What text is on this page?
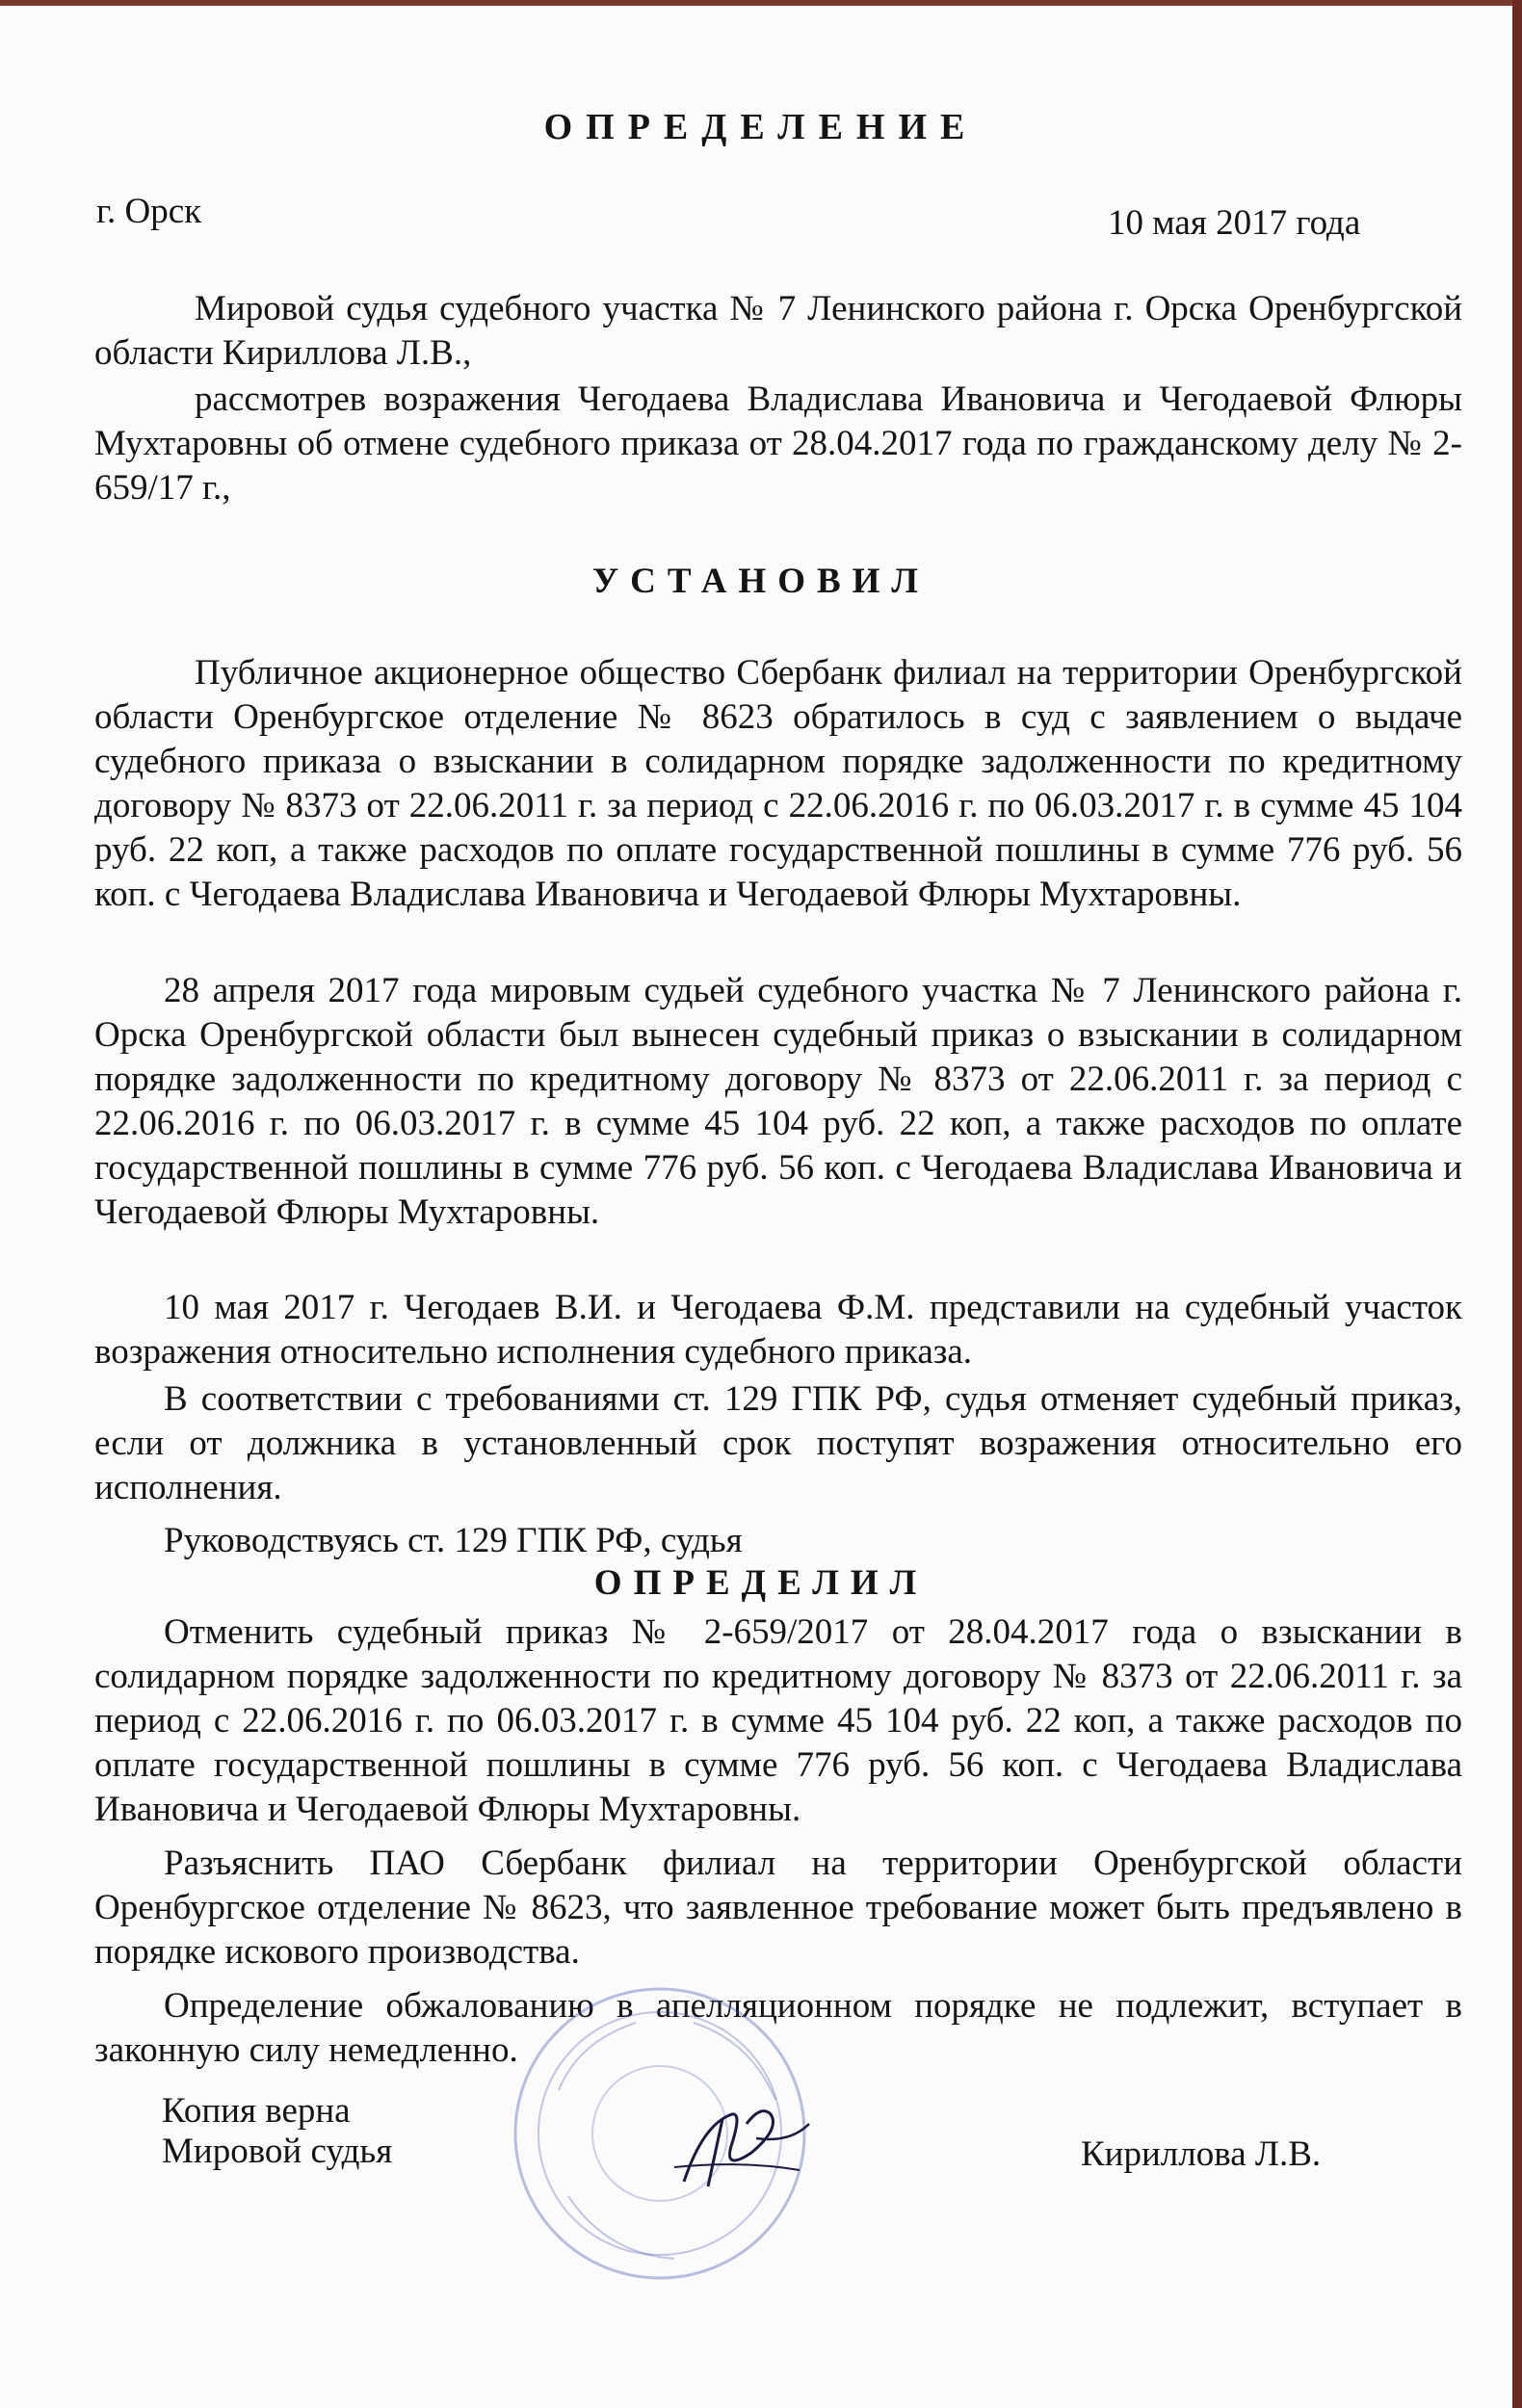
ОПРЕДЕЛЕНИЕ
г. Орск	10 мая 2017 года

Мировой судья судебного участка № 7 Ленинского района г. Орска Оренбургской области Кириллова Л.В.,

рассмотрев возражения Чегодаева Владислава Ивановича и Чегодаевой Флюры Мухтаровны об отмене судебного приказа от 28.04.2017 года по гражданскому делу № 2-659/17 г.,

УСТАНОВИЛ

Публичное акционерное общество Сбербанк филиал на территории Оренбургской области Оренбургское отделение № 8623 обратилось в суд с заявлением о выдаче судебного приказа о взыскании в солидарном порядке задолженности по кредитному договору № 8373 от 22.06.2011 г. за период с 22.06.2016 г. по 06.03.2017 г. в сумме 45 104 руб. 22 коп, а также расходов по оплате государственной пошлины в сумме 776 руб. 56 коп. с Чегодаева Владислава Ивановича и Чегодаевой Флюры Мухтаровны.

28 апреля 2017 года мировым судьей судебного участка № 7 Ленинского района г. Орска Оренбургской области был вынесен судебный приказ о взыскании в солидарном порядке задолженности по кредитному договору № 8373 от 22.06.2011 г. за период с 22.06.2016 г. по 06.03.2017 г. в сумме 45 104 руб. 22 коп, а также расходов по оплате государственной пошлины в сумме 776 руб. 56 коп. с Чегодаева Владислава Ивановича и Чегодаевой Флюры Мухтаровны.

10 мая 2017 г. Чегодаев В.И. и Чегодаева Ф.М. представили на судебный участок возражения относительно исполнения судебного приказа.

В соответствии с требованиями ст. 129 ГПК РФ, судья отменяет судебный приказ, если от должника в установленный срок поступят возражения относительно его исполнения.

Руководствуясь ст. 129 ГПК РФ, судья

ОПРЕДЕЛИЛ

Отменить судебный приказ № 2-659/2017 от 28.04.2017 года о взыскании в солидарном порядке задолженности по кредитному договору № 8373 от 22.06.2011 г. за период с 22.06.2016 г. по 06.03.2017 г. в сумме 45 104 руб. 22 коп, а также расходов по оплате государственной пошлины в сумме 776 руб. 56 коп. с Чегодаева Владислава Ивановича и Чегодаевой Флюры Мухтаровны.

Разъяснить ПАО Сбербанк филиал на территории Оренбургской области Оренбургское отделение № 8623, что заявленное требование может быть предъявлено в порядке искового производства.

Определение обжалованию в апелляционном порядке не подлежит, вступает в законную силу немедленно.

Копия верна

Мировой судья	Кириллова Л.В.
